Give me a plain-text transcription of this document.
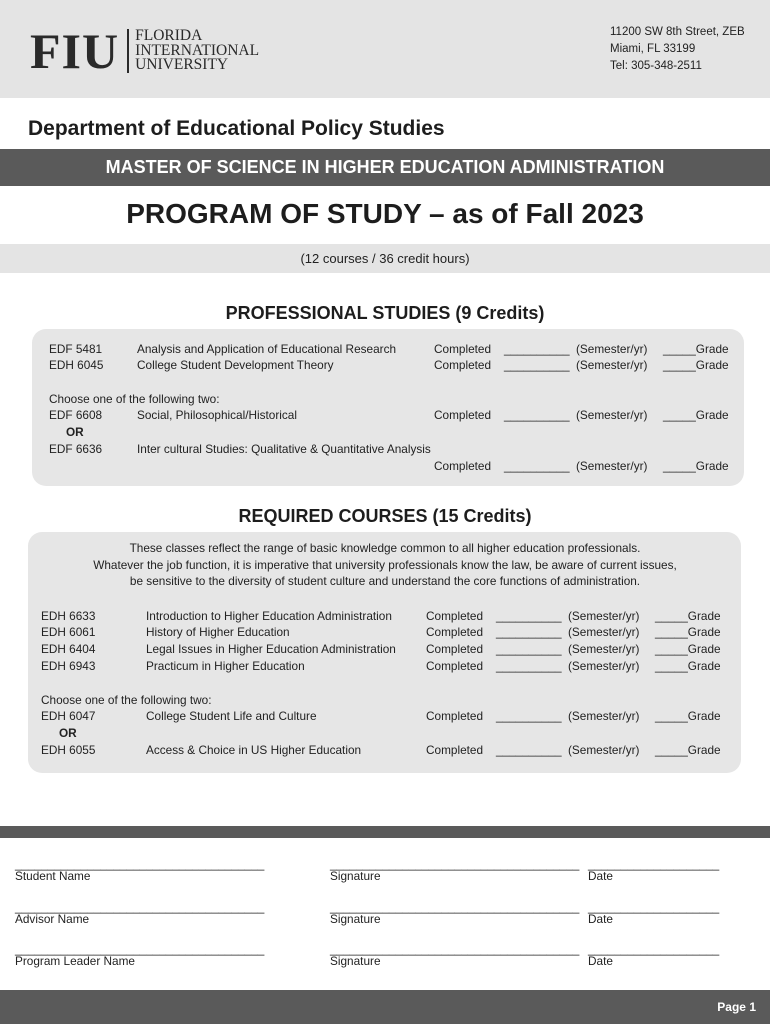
FIU FLORIDA
INTERNATIONAL
UNIVERSITY
11200 SW 8th Street, ZEB
Miami, FL 33199
Tel: 305-348-2511
Department of Educational Policy Studies
MASTER OF SCIENCE IN HIGHER EDUCATION ADMINISTRATION
PROGRAM OF STUDY – as of Fall 2023
(12 courses / 36 credit hours)
PROFESSIONAL STUDIES (9 Credits)
EDF 5481	Analysis and Application of Educational Research	Completed __________ (Semester/yr) _____Grade
EDH 6045	College Student Development Theory	Completed __________ (Semester/yr) _____Grade
Choose one of the following two:
EDF 6608	Social, Philosophical/Historical	Completed __________ (Semester/yr) _____Grade
OR
EDF 6636	Inter cultural Studies: Qualitative & Quantitative Analysis
Completed __________ (Semester/yr) _____Grade
REQUIRED COURSES (15 Credits)
These classes reflect the range of basic knowledge common to all higher education professionals.
Whatever the job function, it is imperative that university professionals know the law, be aware of current issues,
be sensitive to the diversity of student culture and understand the core functions of administration.
EDH 6633	Introduction to Higher Education Administration	Completed __________ (Semester/yr) _____Grade
EDH 6061	History of Higher Education	Completed __________ (Semester/yr) _____Grade
EDH 6404	Legal Issues in Higher Education Administration	Completed __________ (Semester/yr) _____Grade
EDH 6943	Practicum in Higher Education	Completed __________ (Semester/yr) _____Grade
Choose one of the following two:
EDH 6047	College Student Life and Culture	Completed __________ (Semester/yr) _____Grade
OR
EDH 6055	Access & Choice in US Higher Education	Completed __________ (Semester/yr) _____Grade
______________________________________	______________________________________ ____________________
Student Name	Signature	Date
______________________________________	______________________________________ ____________________
Advisor Name	Signature	Date
______________________________________	______________________________________ ____________________
Program Leader Name	Signature	Date
Page 1
